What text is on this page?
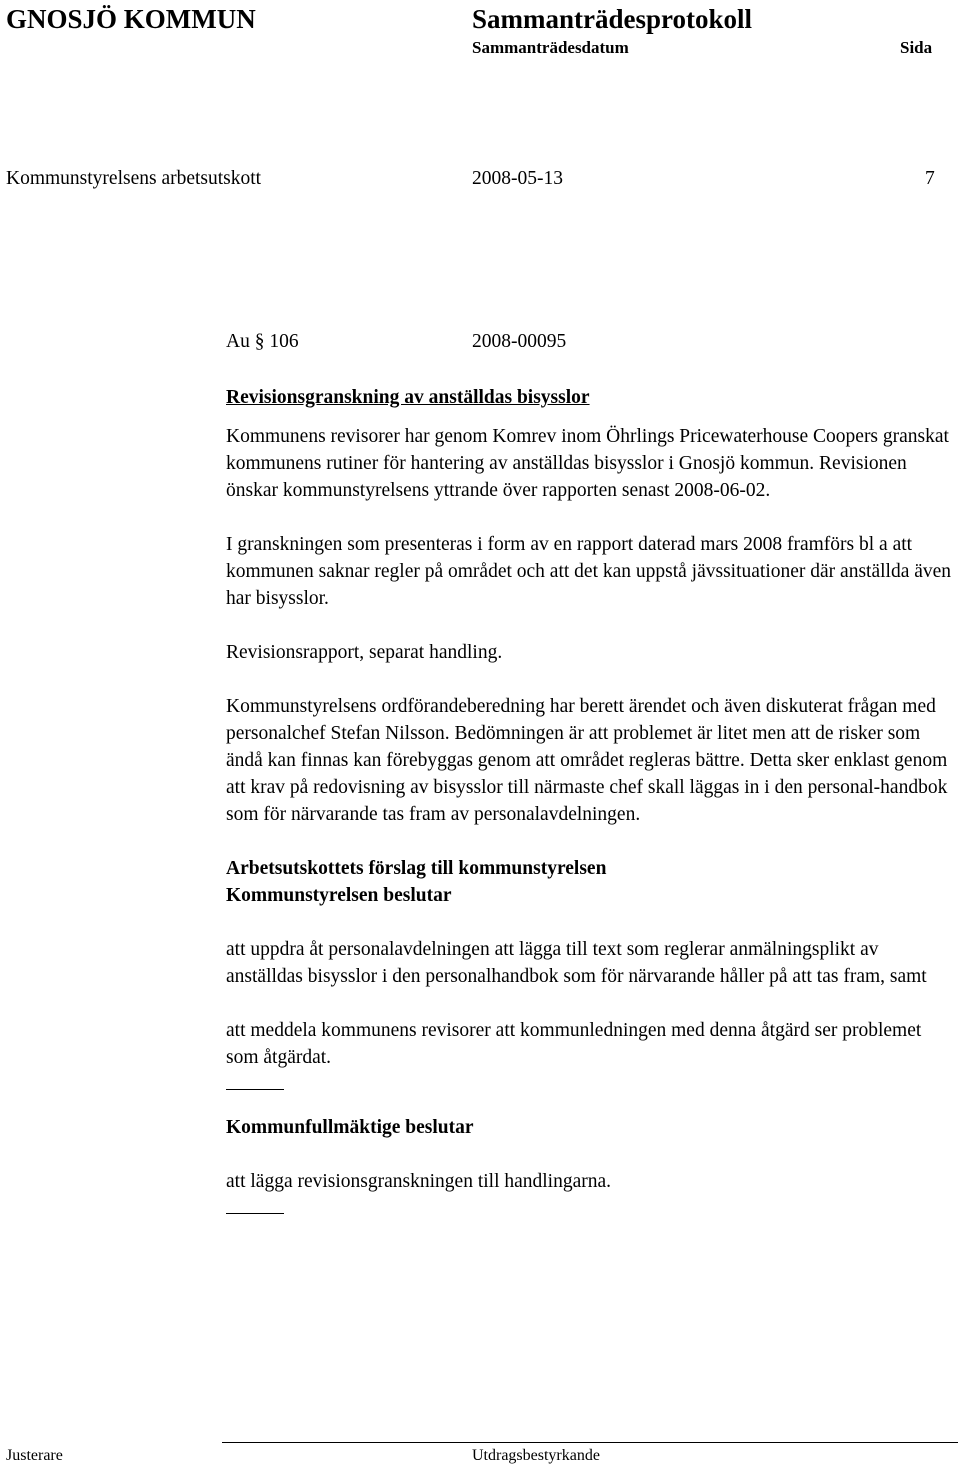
GNOSJÖ KOMMUN	Sammanträdesprotokoll
Sammanträdesdatum	Sida
Kommunstyrelsens arbetsutskott	2008-05-13	7
Au § 106	2008-00095

Revisionsgranskning av anställdas bisysslor

Kommunens revisorer har genom Komrev inom Öhrlings Pricewaterhouse Coopers granskat kommunens rutiner för hantering av anställdas bisysslor i Gnosjö kommun. Revisionen önskar kommunstyrelsens yttrande över rapporten senast 2008-06-02.

I granskningen som presenteras i form av en rapport daterad mars 2008 framförs bl a att kommunen saknar regler på området och att det kan uppstå jävssituationer där anställda även har bisysslor.

Revisionsrapport, separat handling.

Kommunstyrelsens ordförandeberedning har berett ärendet och även diskuterat frågan med personalchef Stefan Nilsson. Bedömningen är att problemet är litet men att de risker som ändå kan finnas kan förebyggas genom att området regleras bättre. Detta sker enklast genom att krav på redovisning av bisysslor till närmaste chef skall läggas in i den personal-handbok som för närvarande tas fram av personalavdelningen.

Arbetsutskottets förslag till kommunstyrelsen

Kommunstyrelsen beslutar

att uppdra åt personalavdelningen att lägga till text som reglerar anmälningsplikt av anställdas bisysslor i den personalhandbok som för närvarande håller på att tas fram, samt

att meddela kommunens revisorer att kommunledningen med denna åtgärd ser problemet som åtgärdat.

Kommunfullmäktige beslutar

att lägga revisionsgranskningen till handlingarna.

Justerare	Utdragsbestyrkande
